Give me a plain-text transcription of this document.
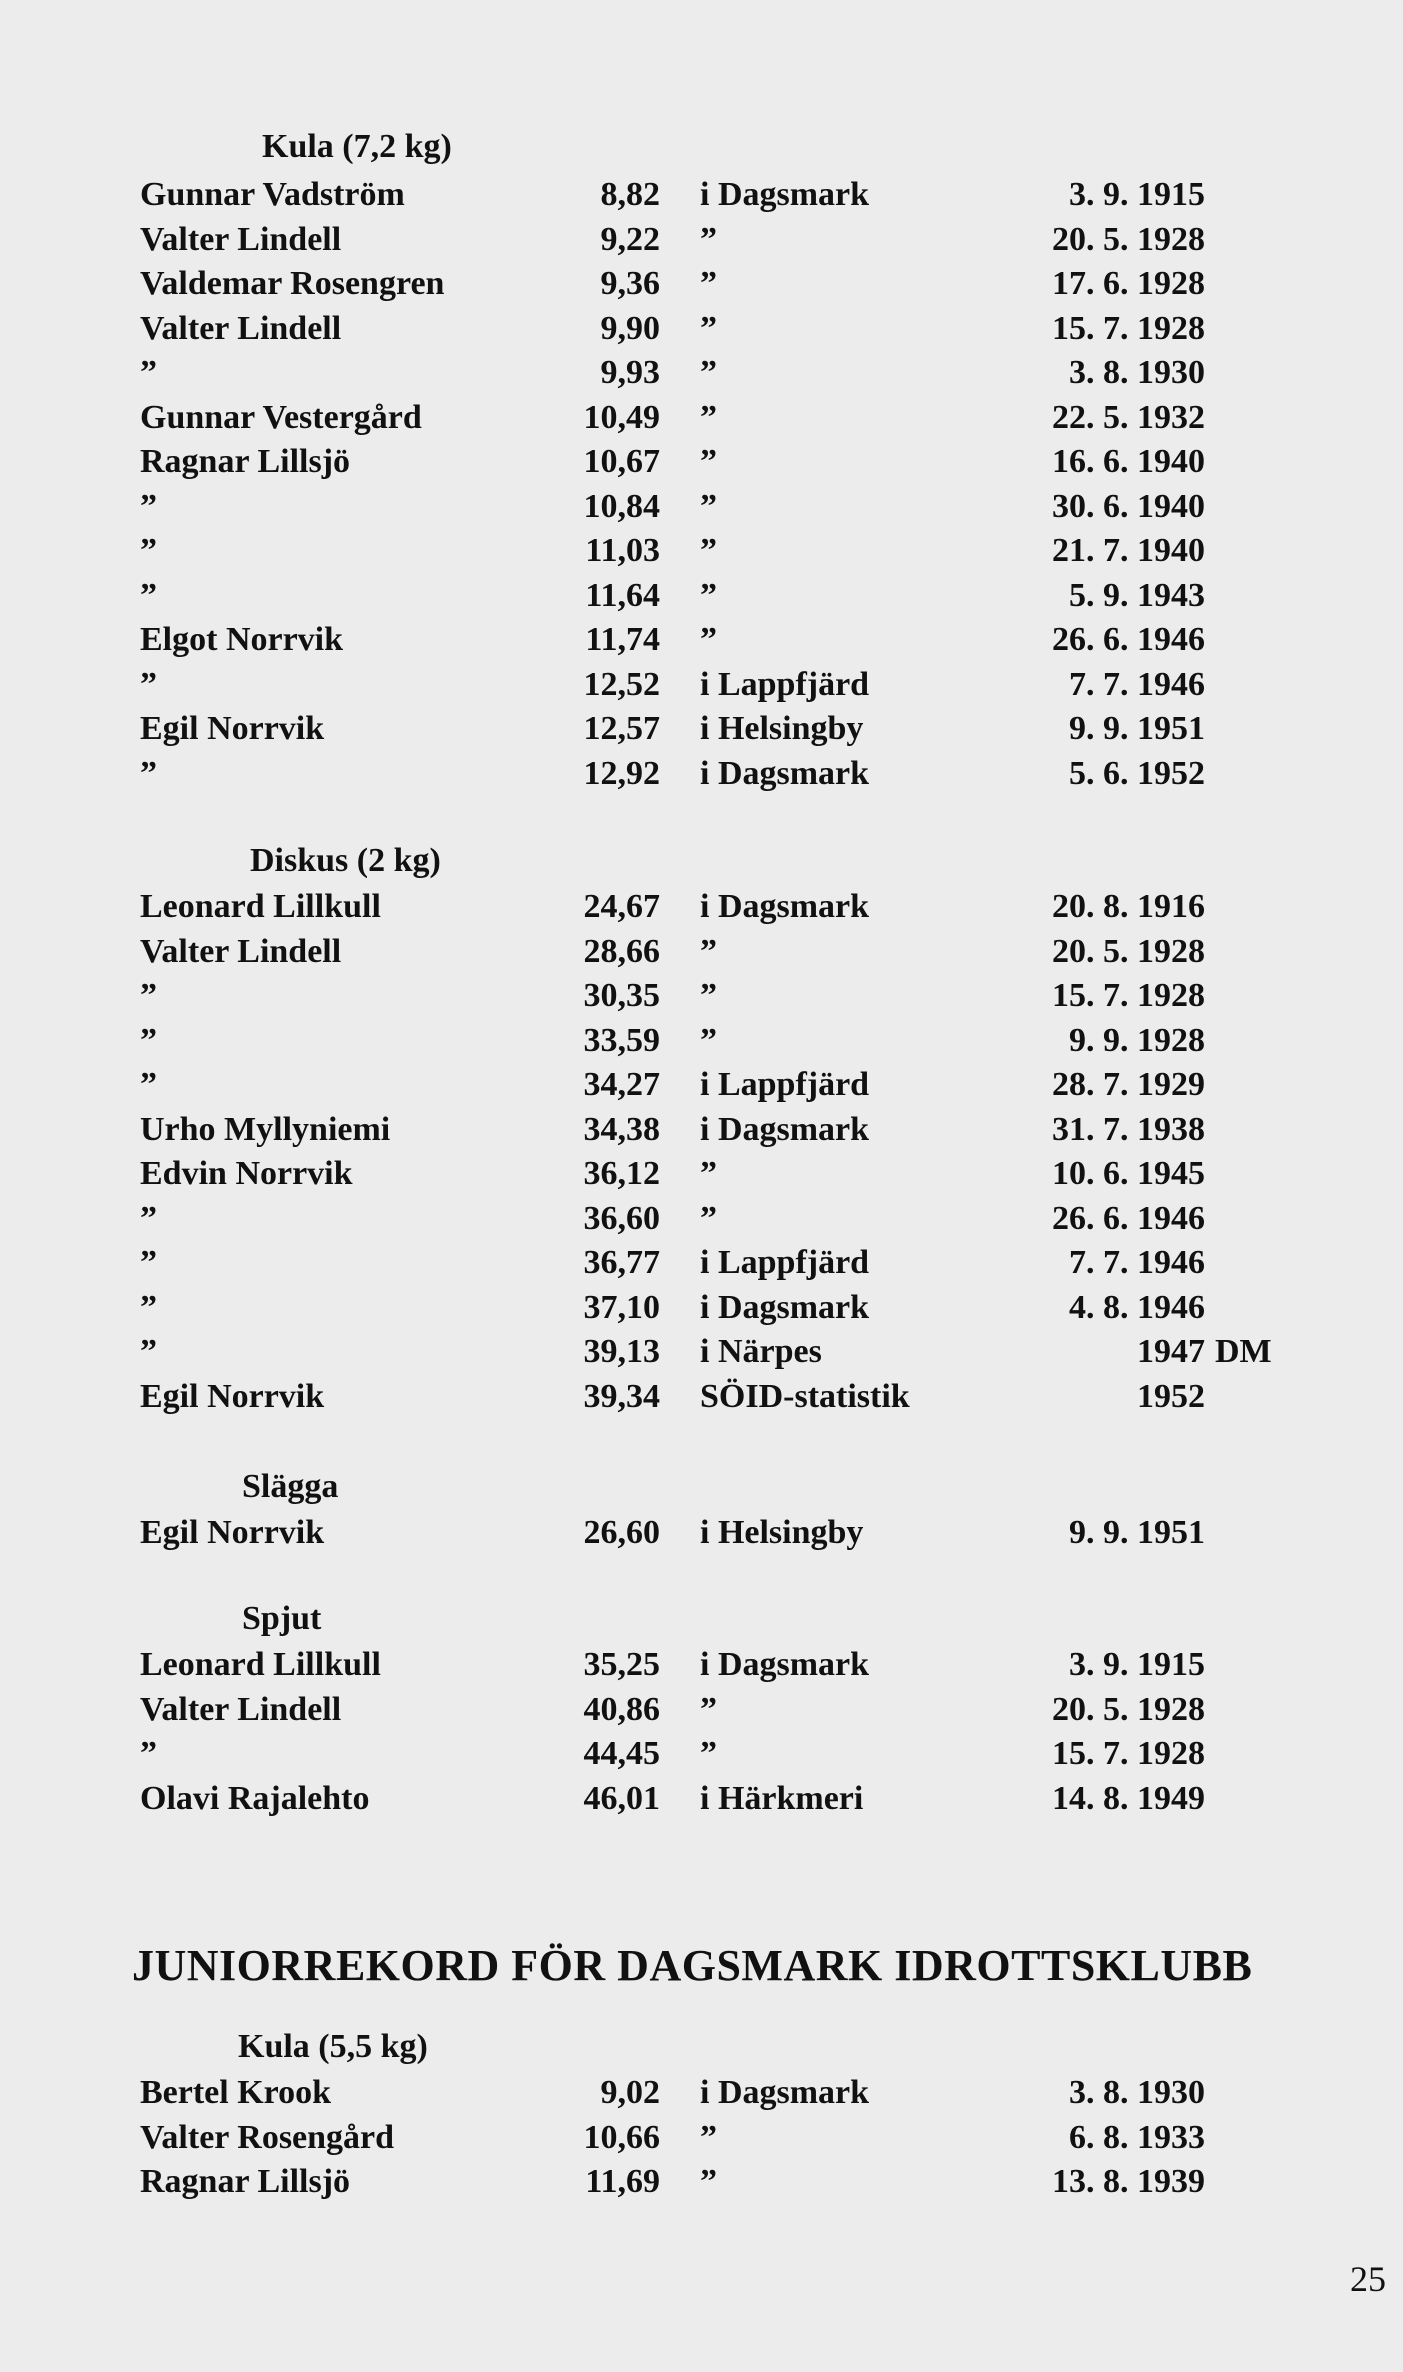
Kula (7,2 kg)
Gunnar Vadström	8,82 i Dagsmark	3. 9. 1915
Valter Lindell	9,22 ”	20. 5. 1928
Valdemar Rosengren	9,36 ”	17. 6. 1928
Valter Lindell	9,90 ”	15. 7. 1928
”	9,93 ”	3. 8. 1930
Gunnar Vestergård	10,49 ”	22. 5. 1932
Ragnar Lillsjö	10,67 ”	16. 6. 1940
”	10,84 ”	30. 6. 1940
”	11,03 ”	21. 7. 1940
”	11,64 ”	5. 9. 1943
Elgot Norrvik	11,74 ”	26. 6. 1946
”	12,52 i Lappfjärd	7. 7. 1946
Egil Norrvik	12,57 i Helsingby	9. 9. 1951
”	12,92 i Dagsmark	5. 6. 1952
Diskus (2 kg)
Leonard Lillkull	24,67 i Dagsmark	20. 8. 1916
Valter Lindell	28,66 ”	20. 5. 1928
”	30,35 ”	15. 7. 1928
”	33,59 ”	9. 9. 1928
”	34,27 i Lappfjärd	28. 7. 1929
Urho Myllyniemi	34,38 i Dagsmark	31. 7. 1938
Edvin Norrvik	36,12 ”	10. 6. 1945
”	36,60 ”	26. 6. 1946
”	36,77 i Lappfjärd	7. 7. 1946
”	37,10 i Dagsmark	4. 8. 1946
”	39,13 i Närpes	1947 DM
Egil Norrvik	39,34 SÖID-statistik	1952
Slägga
Egil Norrvik	26,60 i Helsingby	9. 9. 1951
Spjut
Leonard Lillkull	35,25 i Dagsmark	3. 9. 1915
Valter Lindell	40,86 ”	20. 5. 1928
”	44,45 ”	15. 7. 1928
Olavi Rajalehto	46,01 i Härkmeri	14. 8. 1949
Kula (5,5 kg)
Bertel Krook	9,02 i Dagsmark	3. 8. 1930
Valter Rosengård	10,66 ”	6. 8. 1933
Ragnar Lillsjö	11,69 ”	13. 8. 1939
JUNIORREKORD FÖR DAGSMARK IDROTTSKLUBB
25
